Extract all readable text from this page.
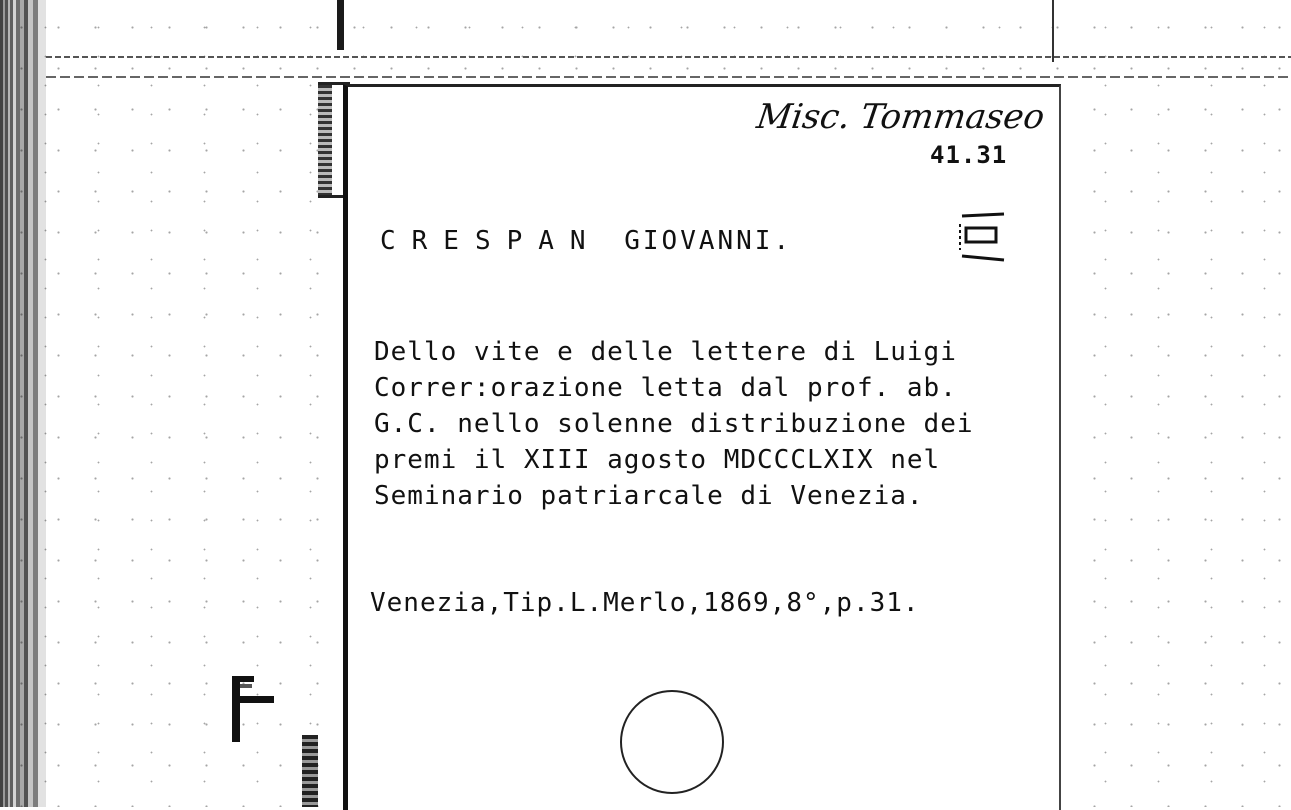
Misc. Tommaseo
41.31
CRESPAN GIOVANNI.
Dello vite e delle lettere di Luigi
Correr:orazione letta dal prof. ab.
G.C. nello solenne distribuzione dei
premi il XIII agosto MDCCCLXIX nel
Seminario patriarcale di Venezia.
Venezia,Tip.L.Merlo,1869,8°,p.31.
